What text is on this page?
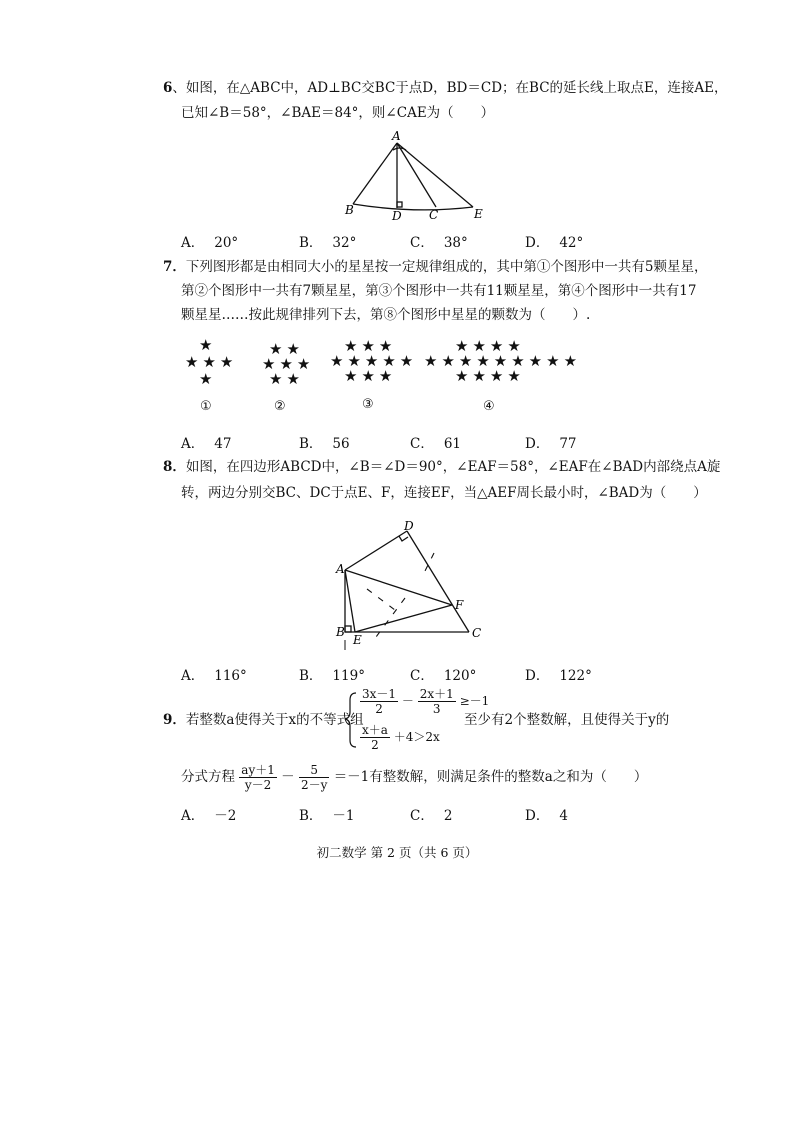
6、如图，在△ABC中，AD⊥BC交BC于点D，BD＝CD；在BC的延长线上取点E，连接AE，
已知∠B＝58°，∠BAE＝84°，则∠CAE为（　　）
A
B	D C	E
A． 20°	B． 32°	C． 38°	D． 42°
7．下列图形都是由相同大小的星星按一定规律组成的，其中第①个图形中一共有5颗星星，
第②个图形中一共有7颗星星，第③个图形中一共有11颗星星，第④个图形中一共有17
颗星星……按此规律排列下去，第⑧个图形中星星的颗数为（　　）.
★
★★★
★
★★
★★★
★★
★★★
★★★★★
★★★
★★★★
★★★★★★★★★
★★★★
①	②	③	④
A． 47	B． 56	C． 61	D． 77
8．如图，在四边形ABCD中，∠B＝∠D＝90°，∠EAF＝58°，∠EAF在∠BAD内部绕点A旋
转，两边分别交BC、DC于点E、F，连接EF，当△AEF周长最小时，∠BAD为（　　）
A
B	C
D
E
F
A． 116°	B． 119°	C． 120°	D． 122°
9．若整数a使得关于x的不等式组
$\frac{3x-1}{2} - \frac{2x+1}{3} \ge-1$
$\frac{x+a}{2} +4>2x$
至少有2个整数解，且使得关于y的
分式方程 $\frac{ay+1}{y-2} - \frac{5}{2-y} =-1$有整数解，则满足条件的整数a之和为（　　）
A． －2	B． －1	C． 2	D． 4
初二数学 第 2 页（共 6 页）
